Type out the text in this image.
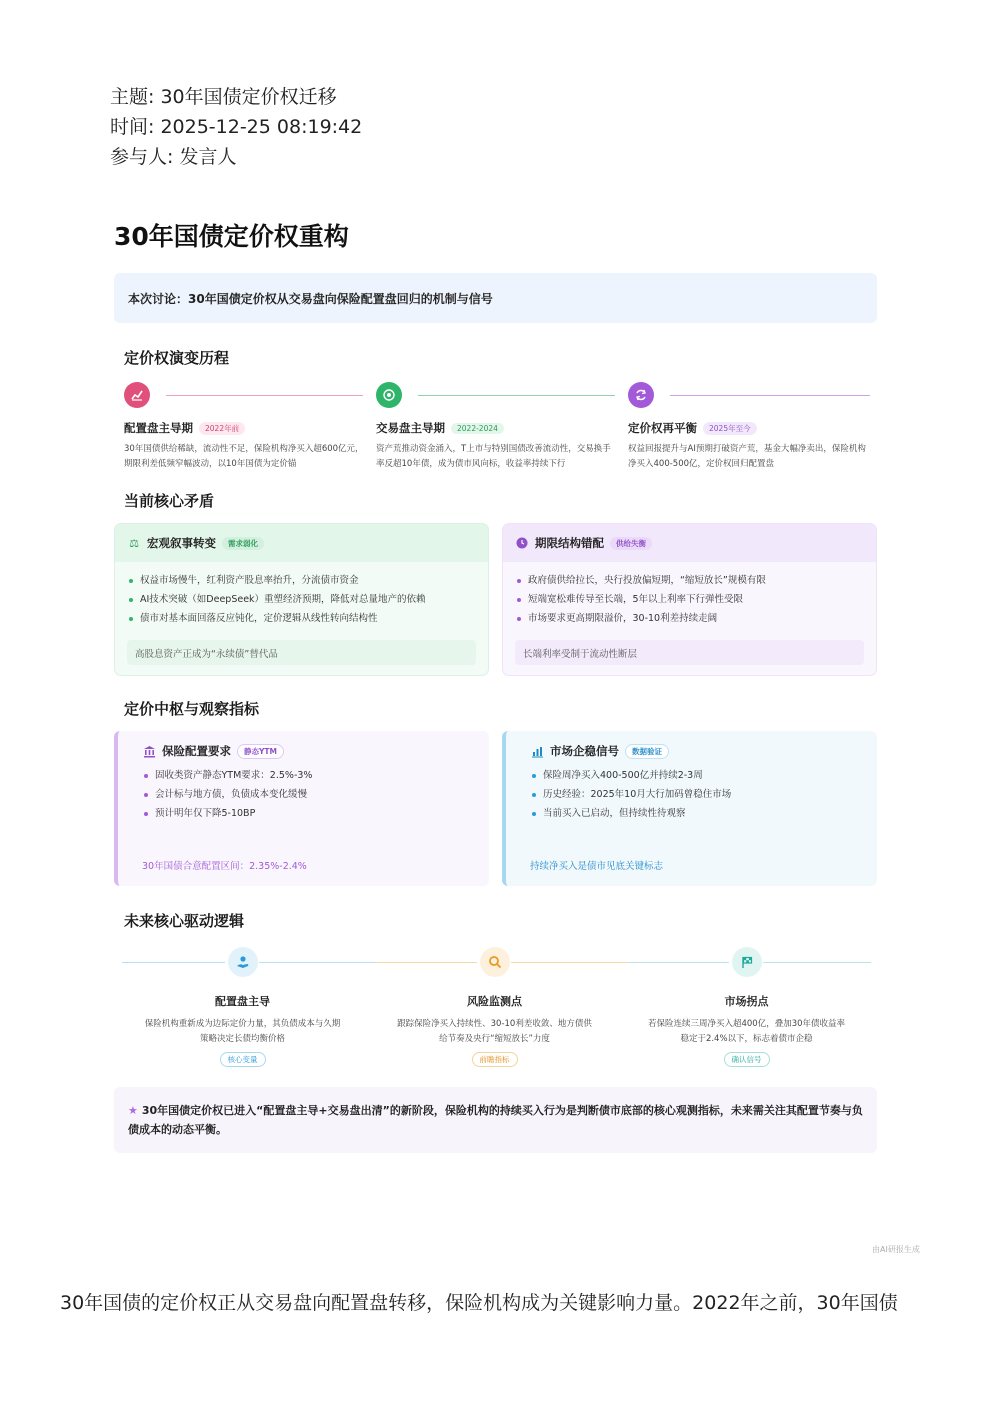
主题: 30年国债定价权迁移
时间: 2025-12-25 08:19:42
参与人: 发言人
30年国债定价权重构
本次讨论：30年国债定价权从交易盘向保险配置盘回归的机制与信号
定价权演变历程
配置盘主导期	2022年前
30年国债供给稀缺，流动性不足，保险机构净买入超600亿元，期限利差低频窄幅波动，以10年国债为定价锚
交易盘主导期	2022-2024
资产荒推动资金涌入，T上市与特别国债改善流动性，交易换手率反超10年债，成为债市风向标，收益率持续下行
定价权再平衡	2025年至今
权益回报提升与AI预期打破资产荒，基金大幅净卖出，保险机构净买入400-500亿，定价权回归配置盘
当前核心矛盾
⚖ 宏观叙事转变	需求弱化
权益市场慢牛，红利资产股息率抬升，分流债市资金
AI技术突破（如DeepSeek）重塑经济预期，降低对总量地产的依赖
债市对基本面回落反应钝化，定价逻辑从线性转向结构性
高股息资产正成为“永续债”替代品
期限结构错配	供给失衡
政府债供给拉长，央行投放偏短期，“缩短放长”规模有限
短端宽松难传导至长端，5年以上利率下行弹性受限
市场要求更高期限溢价，30-10利差持续走阔
长端利率受制于流动性断层
定价中枢与观察指标
保险配置要求	静态YTM
固收类资产静态YTM要求：2.5%-3%
会计标与地方债，负债成本变化缓慢
预计明年仅下降5-10BP
30年国债合意配置区间：2.35%-2.4%
市场企稳信号	数据验证
保险周净买入400-500亿并持续2-3周
历史经验：2025年10月大行加码曾稳住市场
当前买入已启动，但持续性待观察
持续净买入是债市见底关键标志
未来核心驱动逻辑
配置盘主导
保险机构重新成为边际定价力量，其负债成本与久期策略决定长债均衡价格
核心变量
风险监测点
跟踪保险净买入持续性、30-10利差收敛、地方债供给节奏及央行“缩短放长”力度
前瞻指标
市场拐点
若保险连续三周净买入超400亿，叠加30年债收益率稳定于2.4%以下，标志着债市企稳
确认信号
★ 30年国债定价权已进入“配置盘主导+交易盘出清”的新阶段，保险机构的持续买入行为是判断债市底部的核心观测指标，未来需关注其配置节奏与负债成本的动态平衡。
由AI研报生成
30年国债的定价权正从交易盘向配置盘转移，保险机构成为关键影响力量。2022年之前，30年国债
